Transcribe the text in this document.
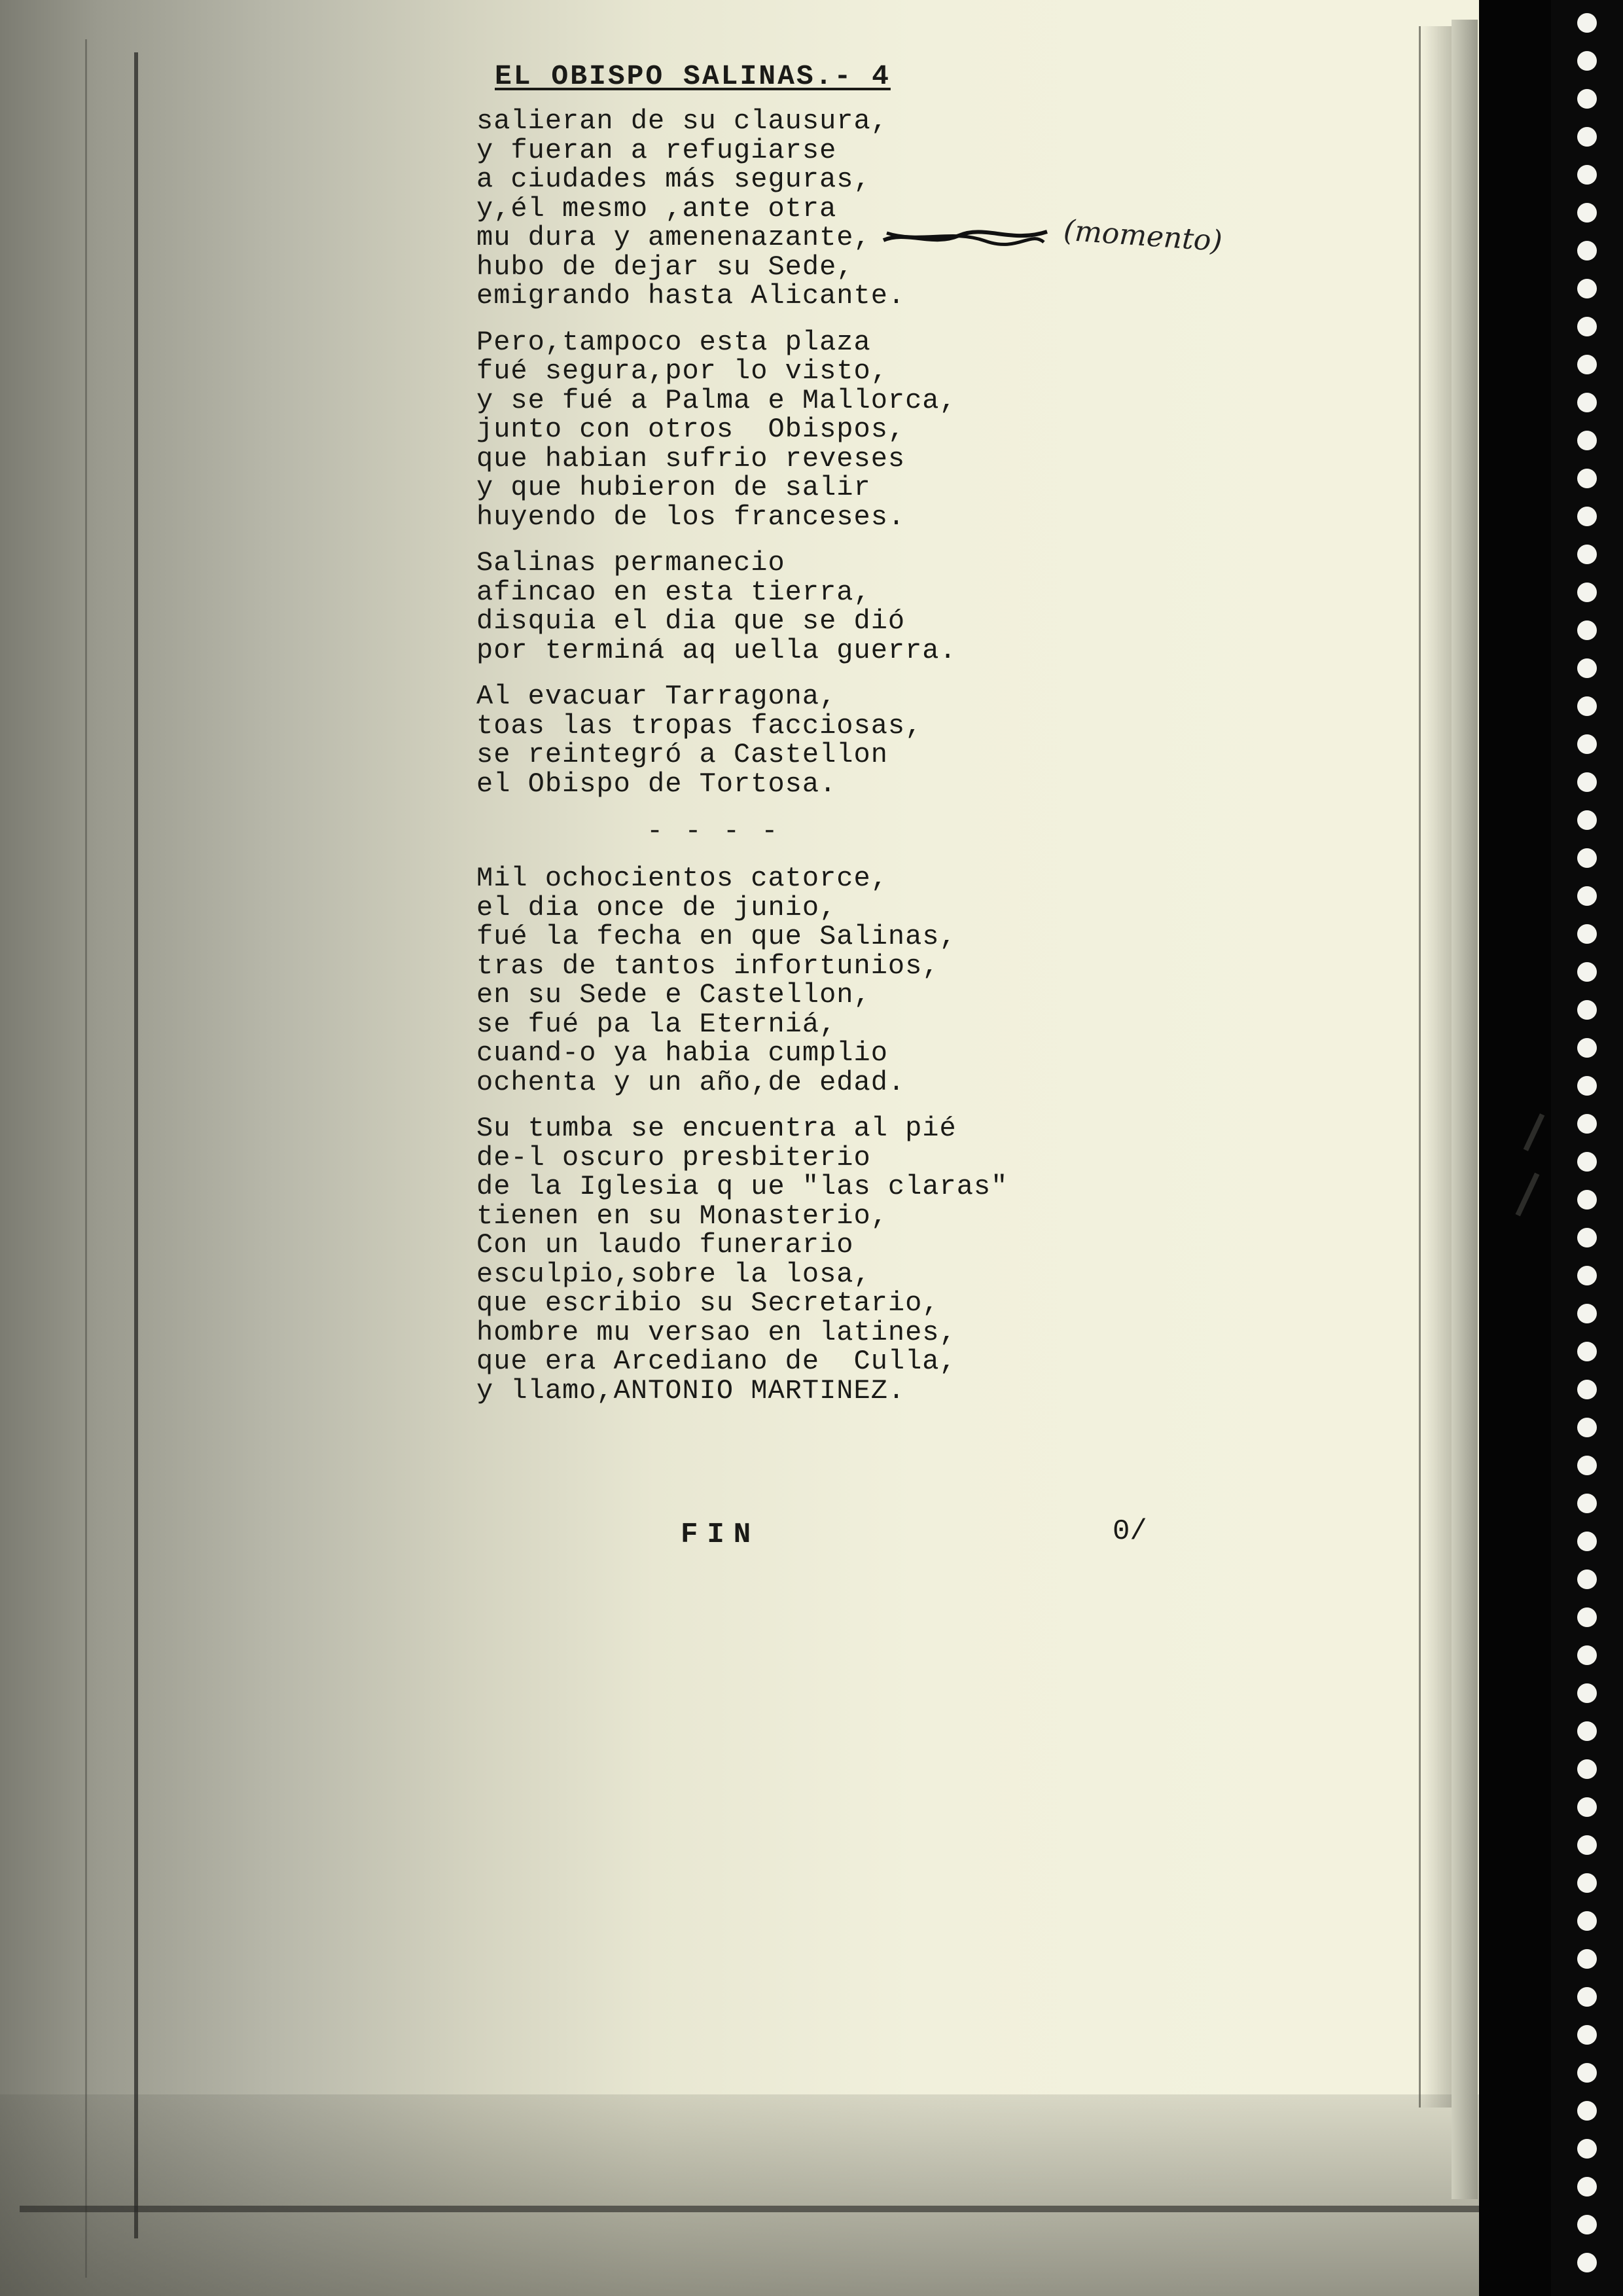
EL OBISPO SALINAS.- 4
salieran de su clausura,
y fueran a refugiarse
a ciudades más seguras,
y,él mesmo ,ante otra
mu dura y amenenazante,
hubo de dejar su Sede,
emigrando hasta Alicante.
Pero,tampoco esta plaza
fué segura,por lo visto,
y se fué a Palma e Mallorca,
junto con otros  Obispos,
que habian sufrio reveses
y que hubieron de salir
huyendo de los franceses.
Salinas permanecio
afincao en esta tierra,
disquia el dia que se dió
por terminá aq uella guerra.
Al evacuar Tarragona,
toas las tropas facciosas,
se reintegró a Castellon
el Obispo de Tortosa.
- - - -
Mil ochocientos catorce,
el dia once de junio,
fué la fecha en que Salinas,
tras de tantos infortunios,
en su Sede e Castellon,
se fué pa la Eterniá,
cuand-o ya habia cumplio
ochenta y un año,de edad.
Su tumba se encuentra al pié
de-l oscuro presbiterio
de la Iglesia q ue "las claras"
tienen en su Monasterio,
Con un laudo funerario
esculpio,sobre la losa,
que escribio su Secretario,
hombre mu versao en latines,
que era Arcediano de  Culla,
y llamo,ANTONIO MARTINEZ.
(momento)
FIN	0/
